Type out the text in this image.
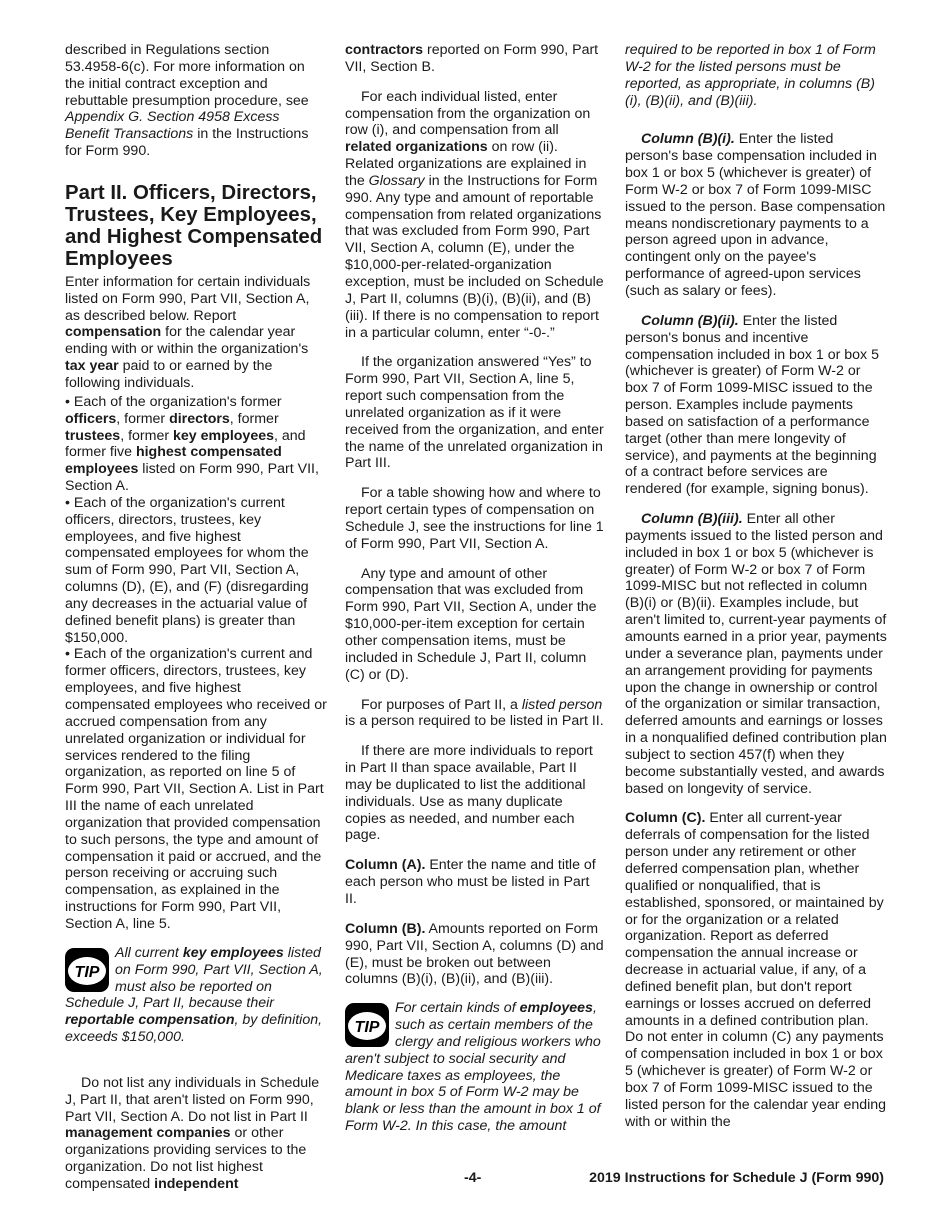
described in Regulations section 53.4958-6(c). For more information on the initial contract exception and rebuttable presumption procedure, see Appendix G. Section 4958 Excess Benefit Transactions in the Instructions for Form 990.

Part II. Officers, Directors, Trustees, Key Employees, and Highest Compensated Employees

Enter information for certain individuals listed on Form 990, Part VII, Section A, as described below. Report compensation for the calendar year ending with or within the organization's tax year paid to or earned by the following individuals.

• Each of the organization's former officers, former directors, former trustees, former key employees, and former five highest compensated employees listed on Form 990, Part VII, Section A.

• Each of the organization's current officers, directors, trustees, key employees, and five highest compensated employees for whom the sum of Form 990, Part VII, Section A, columns (D), (E), and (F) (disregarding any decreases in the actuarial value of defined benefit plans) is greater than $150,000.

• Each of the organization's current and former officers, directors, trustees, key employees, and five highest compensated employees who received or accrued compensation from any unrelated organization or individual for services rendered to the filing organization, as reported on line 5 of Form 990, Part VII, Section A. List in Part III the name of each unrelated organization that provided compensation to such persons, the type and amount of compensation it paid or accrued, and the person receiving or accruing such compensation, as explained in the instructions for Form 990, Part VII, Section A, line 5.

TIP
All current key employees listed on Form 990, Part VII, Section A, must also be reported on Schedule J, Part II, because their reportable compensation, by definition, exceeds $150,000.

Do not list any individuals in Schedule J, Part II, that aren't listed on Form 990, Part VII, Section A. Do not list in Part II management companies or other organizations providing services to the organization. Do not list highest compensated independent

contractors reported on Form 990, Part VII, Section B.

For each individual listed, enter compensation from the organization on row (i), and compensation from all related organizations on row (ii). Related organizations are explained in the Glossary in the Instructions for Form 990. Any type and amount of reportable compensation from related organizations that was excluded from Form 990, Part VII, Section A, column (E), under the $10,000-per-related-organization exception, must be included on Schedule J, Part II, columns (B)(i), (B)(ii), and (B)(iii). If there is no compensation to report in a particular column, enter “-0-.”

If the organization answered “Yes” to Form 990, Part VII, Section A, line 5, report such compensation from the unrelated organization as if it were received from the organization, and enter the name of the unrelated organization in Part III.

For a table showing how and where to report certain types of compensation on Schedule J, see the instructions for line 1 of Form 990, Part VII, Section A.

Any type and amount of other compensation that was excluded from Form 990, Part VII, Section A, under the $10,000-per-item exception for certain other compensation items, must be included in Schedule J, Part II, column (C) or (D).

For purposes of Part II, a listed person is a person required to be listed in Part II.

If there are more individuals to report in Part II than space available, Part II may be duplicated to list the additional individuals. Use as many duplicate copies as needed, and number each page.

Column (A). Enter the name and title of each person who must be listed in Part II.

Column (B). Amounts reported on Form 990, Part VII, Section A, columns (D) and (E), must be broken out between columns (B)(i), (B)(ii), and (B)(iii).

TIP
For certain kinds of employees, such as certain members of the clergy and religious workers who aren't subject to social security and Medicare taxes as employees, the amount in box 5 of Form W-2 may be blank or less than the amount in box 1 of Form W-2. In this case, the amount

required to be reported in box 1 of Form W-2 for the listed persons must be reported, as appropriate, in columns (B) (i), (B)(ii), and (B)(iii).

Column (B)(i). Enter the listed person's base compensation included in box 1 or box 5 (whichever is greater) of Form W-2 or box 7 of Form 1099-MISC issued to the person. Base compensation means nondiscretionary payments to a person agreed upon in advance, contingent only on the payee's performance of agreed-upon services (such as salary or fees).

Column (B)(ii). Enter the listed person's bonus and incentive compensation included in box 1 or box 5 (whichever is greater) of Form W-2 or box 7 of Form 1099-MISC issued to the person. Examples include payments based on satisfaction of a performance target (other than mere longevity of service), and payments at the beginning of a contract before services are rendered (for example, signing bonus).

Column (B)(iii). Enter all other payments issued to the listed person and included in box 1 or box 5 (whichever is greater) of Form W-2 or box 7 of Form 1099-MISC but not reflected in column (B)(i) or (B)(ii). Examples include, but aren't limited to, current-year payments of amounts earned in a prior year, payments under a severance plan, payments under an arrangement providing for payments upon the change in ownership or control of the organization or similar transaction, deferred amounts and earnings or losses in a nonqualified defined contribution plan subject to section 457(f) when they become substantially vested, and awards based on longevity of service.

Column (C). Enter all current-year deferrals of compensation for the listed person under any retirement or other deferred compensation plan, whether qualified or nonqualified, that is established, sponsored, or maintained by or for the organization or a related organization. Report as deferred compensation the annual increase or decrease in actuarial value, if any, of a defined benefit plan, but don't report earnings or losses accrued on deferred amounts in a defined contribution plan. Do not enter in column (C) any payments of compensation included in box 1 or box 5 (whichever is greater) of Form W-2 or box 7 of Form 1099-MISC issued to the listed person for the calendar year ending with or within the

-4-	2019 Instructions for Schedule J (Form 990)
